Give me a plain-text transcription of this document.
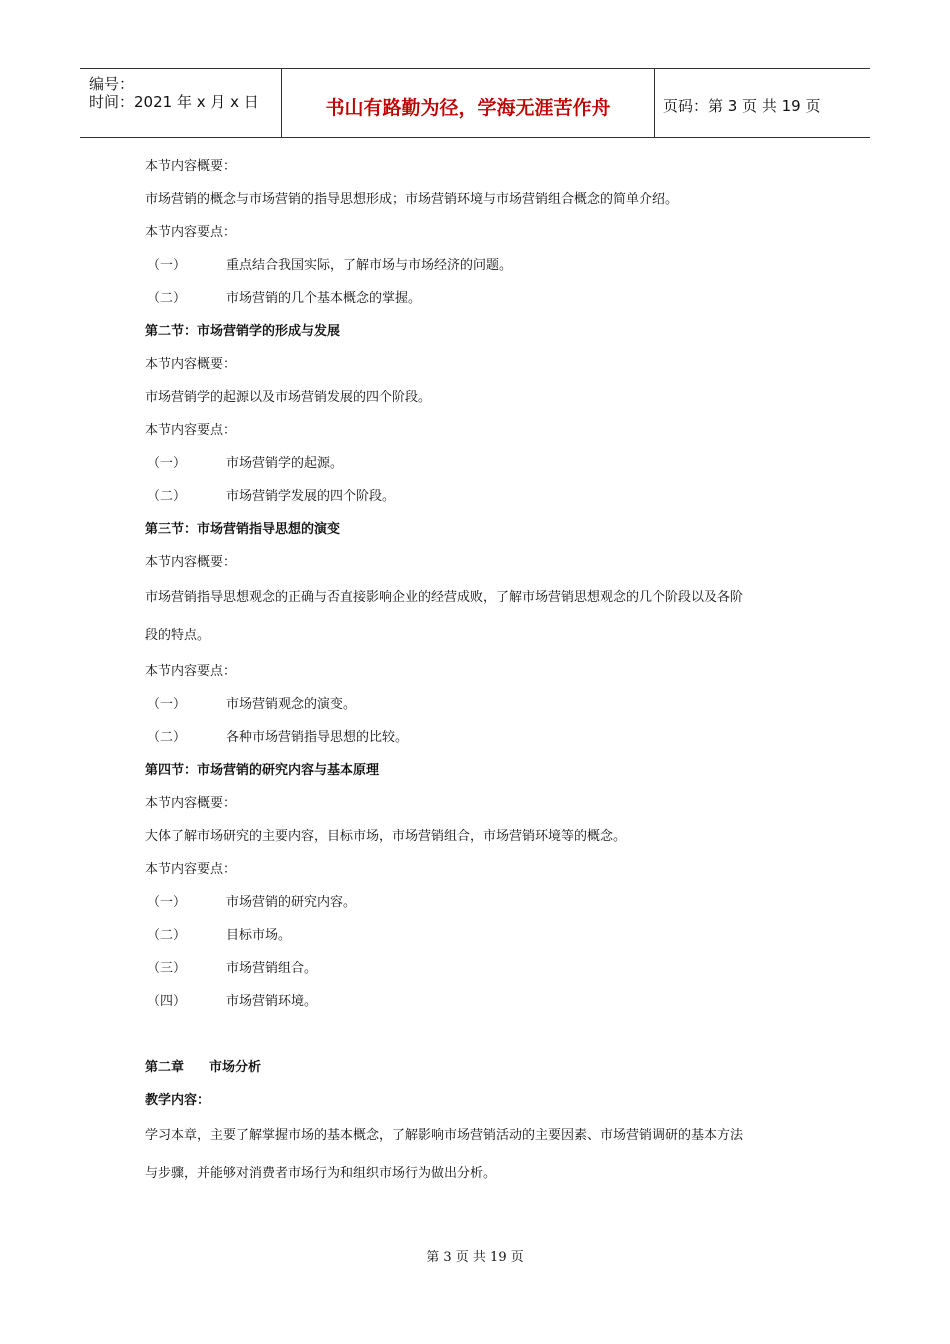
编号：
时间：2021 年 x 月 x 日	书山有路勤为径，学海无涯苦作舟	页码：第 3 页 共 19 页
本节内容概要：
市场营销的概念与市场营销的指导思想形成；市场营销环境与市场营销组合概念的简单介绍。
本节内容要点：
（一）	重点结合我国实际，了解市场与市场经济的问题。
（二）	市场营销的几个基本概念的掌握。
第二节：市场营销学的形成与发展
本节内容概要：
市场营销学的起源以及市场营销发展的四个阶段。
本节内容要点：
（一）	市场营销学的起源。
（二）	市场营销学发展的四个阶段。
第三节：市场营销指导思想的演变
本节内容概要：
市场营销指导思想观念的正确与否直接影响企业的经营成败，了解市场营销思想观念的几个阶段以及各阶
段的特点。
本节内容要点：
（一）	市场营销观念的演变。
（二）	各种市场营销指导思想的比较。
第四节：市场营销的研究内容与基本原理
本节内容概要：
大体了解市场研究的主要内容，目标市场，市场营销组合，市场营销环境等的概念。
本节内容要点：
（一）	市场营销的研究内容。
（二）	目标市场。
（三）	市场营销组合。
（四）	市场营销环境。
第二章	市场分析
教学内容：
学习本章，主要了解掌握市场的基本概念，了解影响市场营销活动的主要因素、市场营销调研的基本方法
与步骤，并能够对消费者市场行为和组织市场行为做出分析。
第 3 页 共 19 页
